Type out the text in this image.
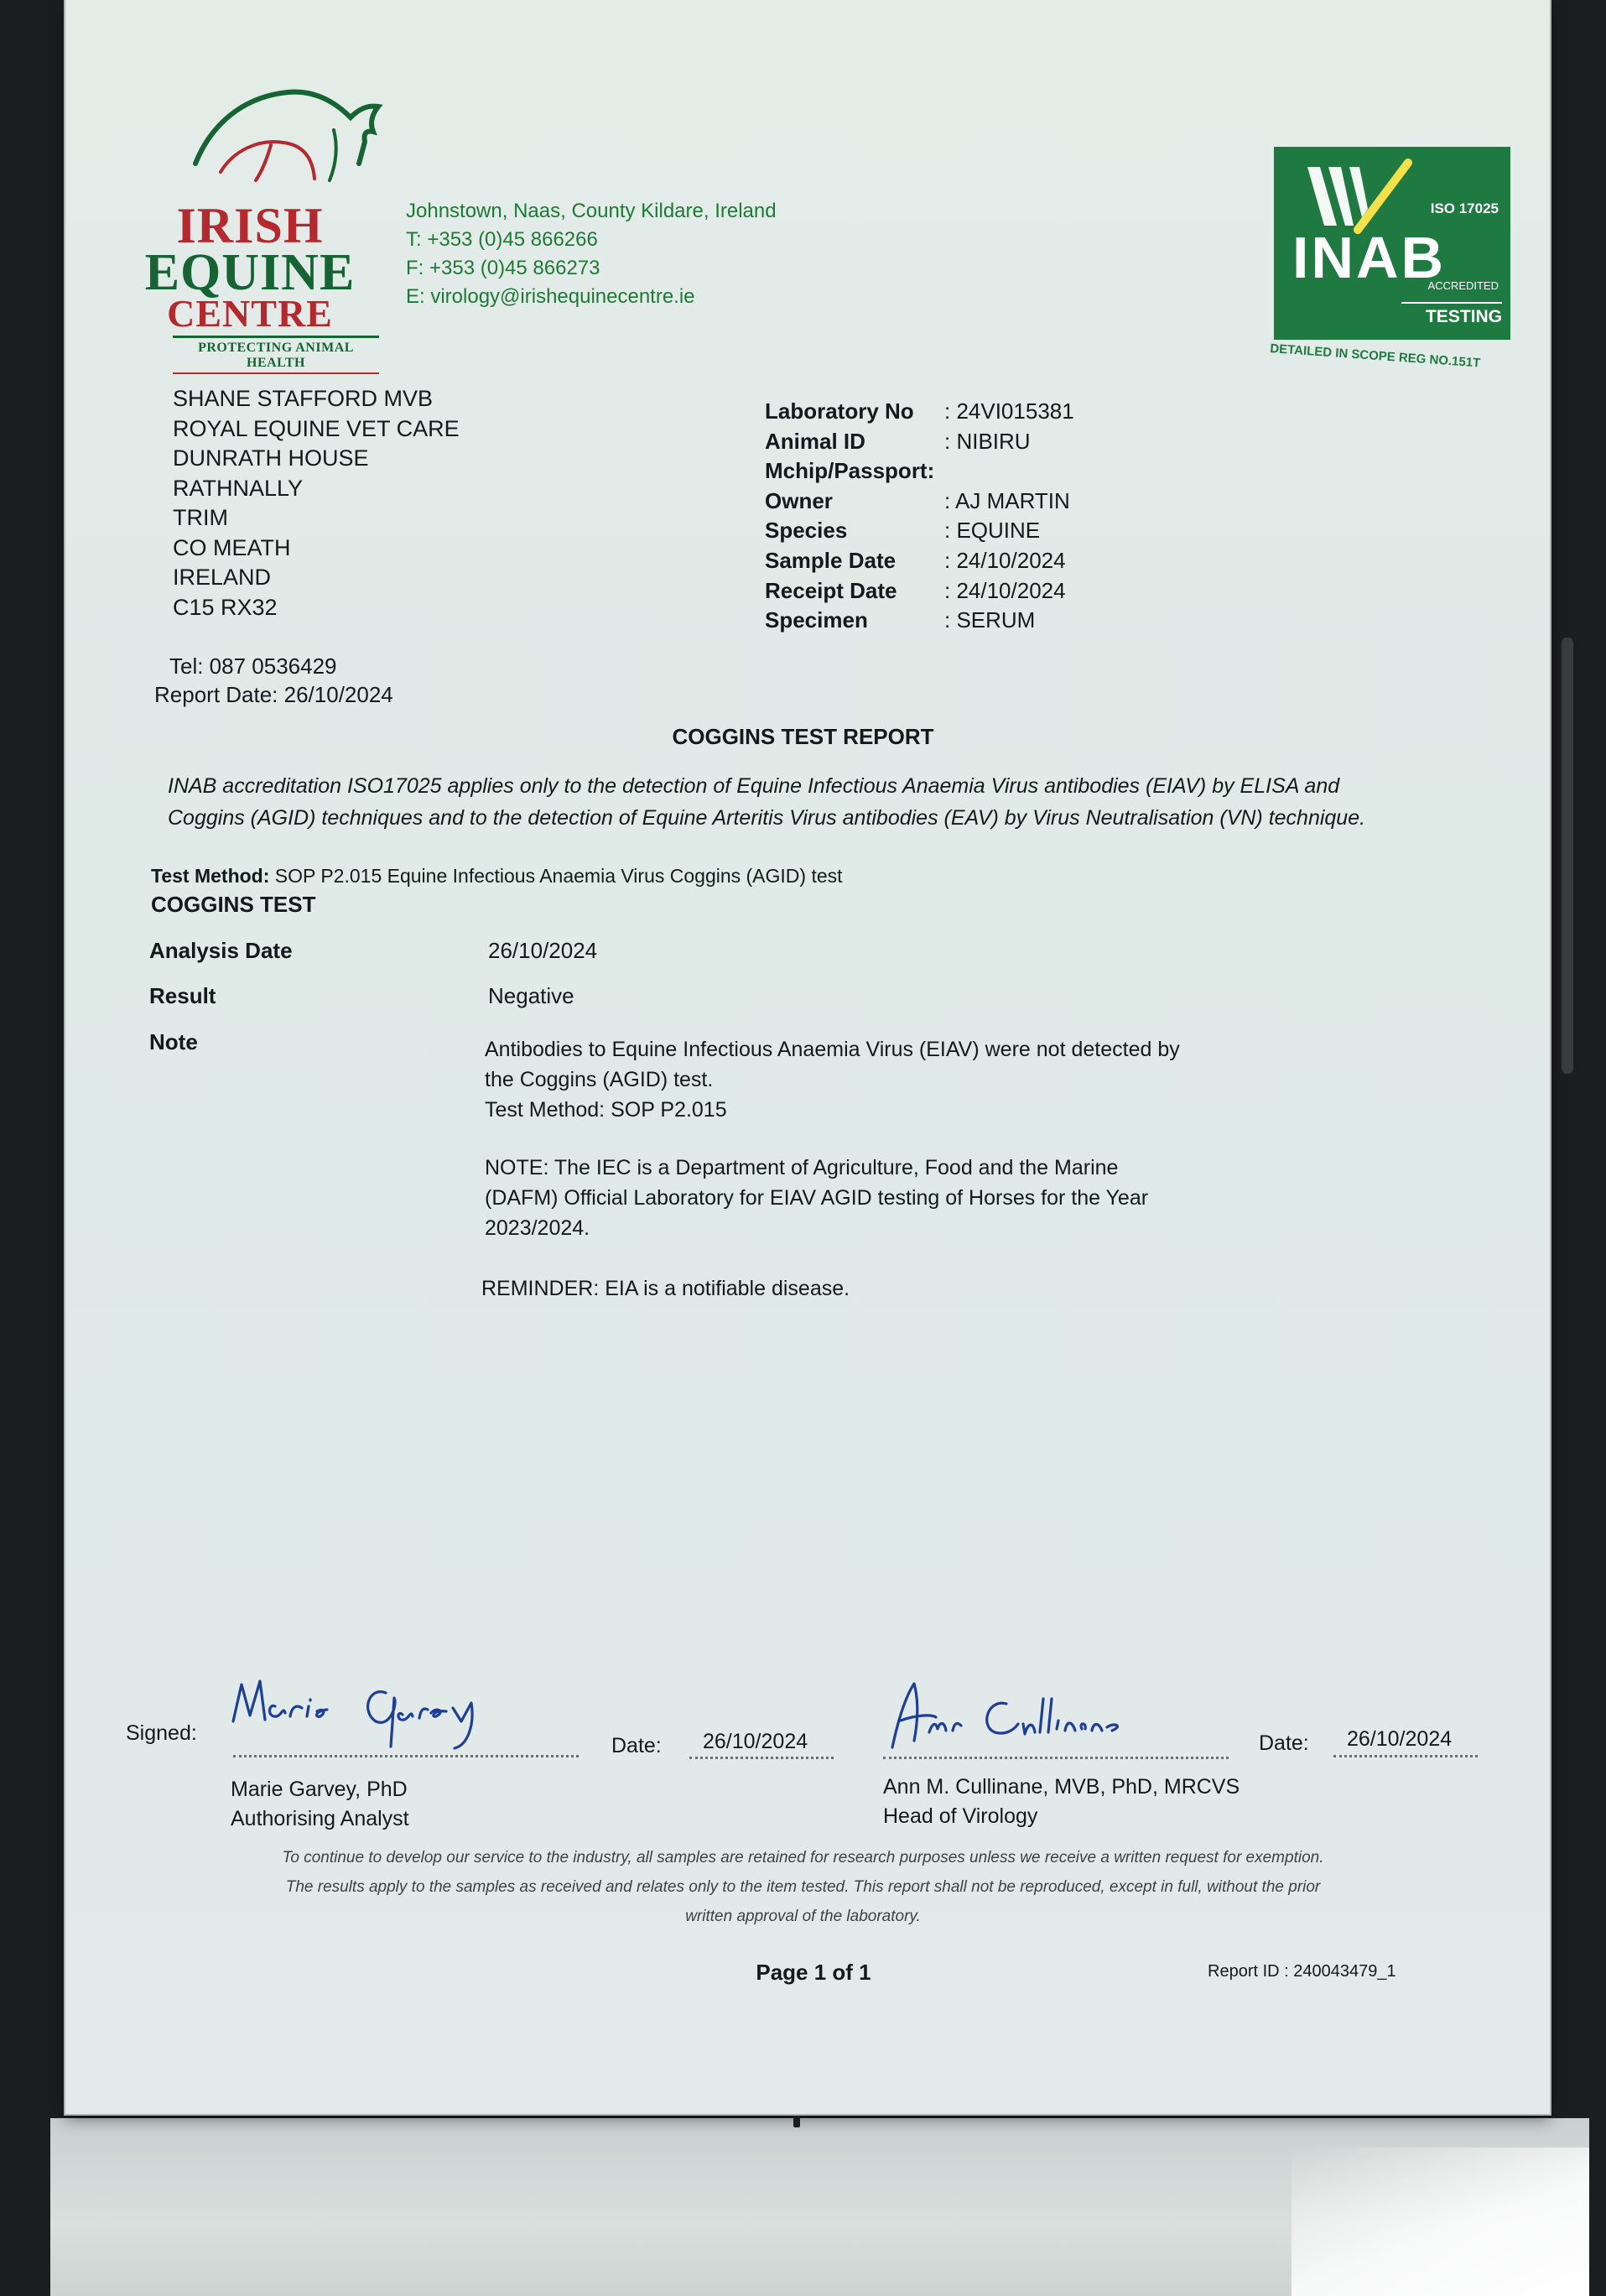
IRISH
EQUINE
CENTRE
PROTECTING ANIMAL HEALTH
Johnstown, Naas, County Kildare, Ireland
T: +353 (0)45 866266
F: +353 (0)45 866273
E: virology@irishequinecentre.ie
ISO 17025
INAB
ACCREDITED
TESTING
DETAILED IN SCOPE REG NO.151T
SHANE STAFFORD MVB
ROYAL EQUINE VET CARE
DUNRATH HOUSE
RATHNALLY
TRIM
CO MEATH
IRELAND
C15 RX32
Tel: 087 0536429
Report Date: 26/10/2024
Laboratory No : 24VI015381
Animal ID	: NIBIRU
Mchip/Passport:
Owner	: AJ MARTIN
Species	: EQUINE
Sample Date : 24/10/2024
Receipt Date : 24/10/2024
Specimen	: SERUM
COGGINS TEST REPORT
INAB accreditation ISO17025 applies only to the detection of Equine Infectious Anaemia Virus antibodies (EIAV) by ELISA and Coggins (AGID) techniques and to the detection of Equine Arteritis Virus antibodies (EAV) by Virus Neutralisation (VN) technique.
Test Method: SOP P2.015 Equine Infectious Anaemia Virus Coggins (AGID) test
COGGINS TEST
Analysis Date	26/10/2024
Result	Negative
Note	Antibodies to Equine Infectious Anaemia Virus (EIAV) were not detected by
the Coggins (AGID) test.
Test Method: SOP P2.015
NOTE: The IEC is a Department of Agriculture, Food and the Marine
(DAFM) Official Laboratory for EIAV AGID testing of Horses for the Year
2023/2024.
REMINDER: EIA is a notifiable disease.
Signed:
Date: 26/10/2024	Date: 26/10/2024
Marie Garvey, PhD
Authorising Analyst
Ann M. Cullinane, MVB, PhD, MRCVS
Head of Virology
To continue to develop our service to the industry, all samples are retained for research purposes unless we receive a written request for exemption.
The results apply to the samples as received and relates only to the item tested. This report shall not be reproduced, except in full, without the prior
written approval of the laboratory.
Page 1 of 1	Report ID : 240043479_1
